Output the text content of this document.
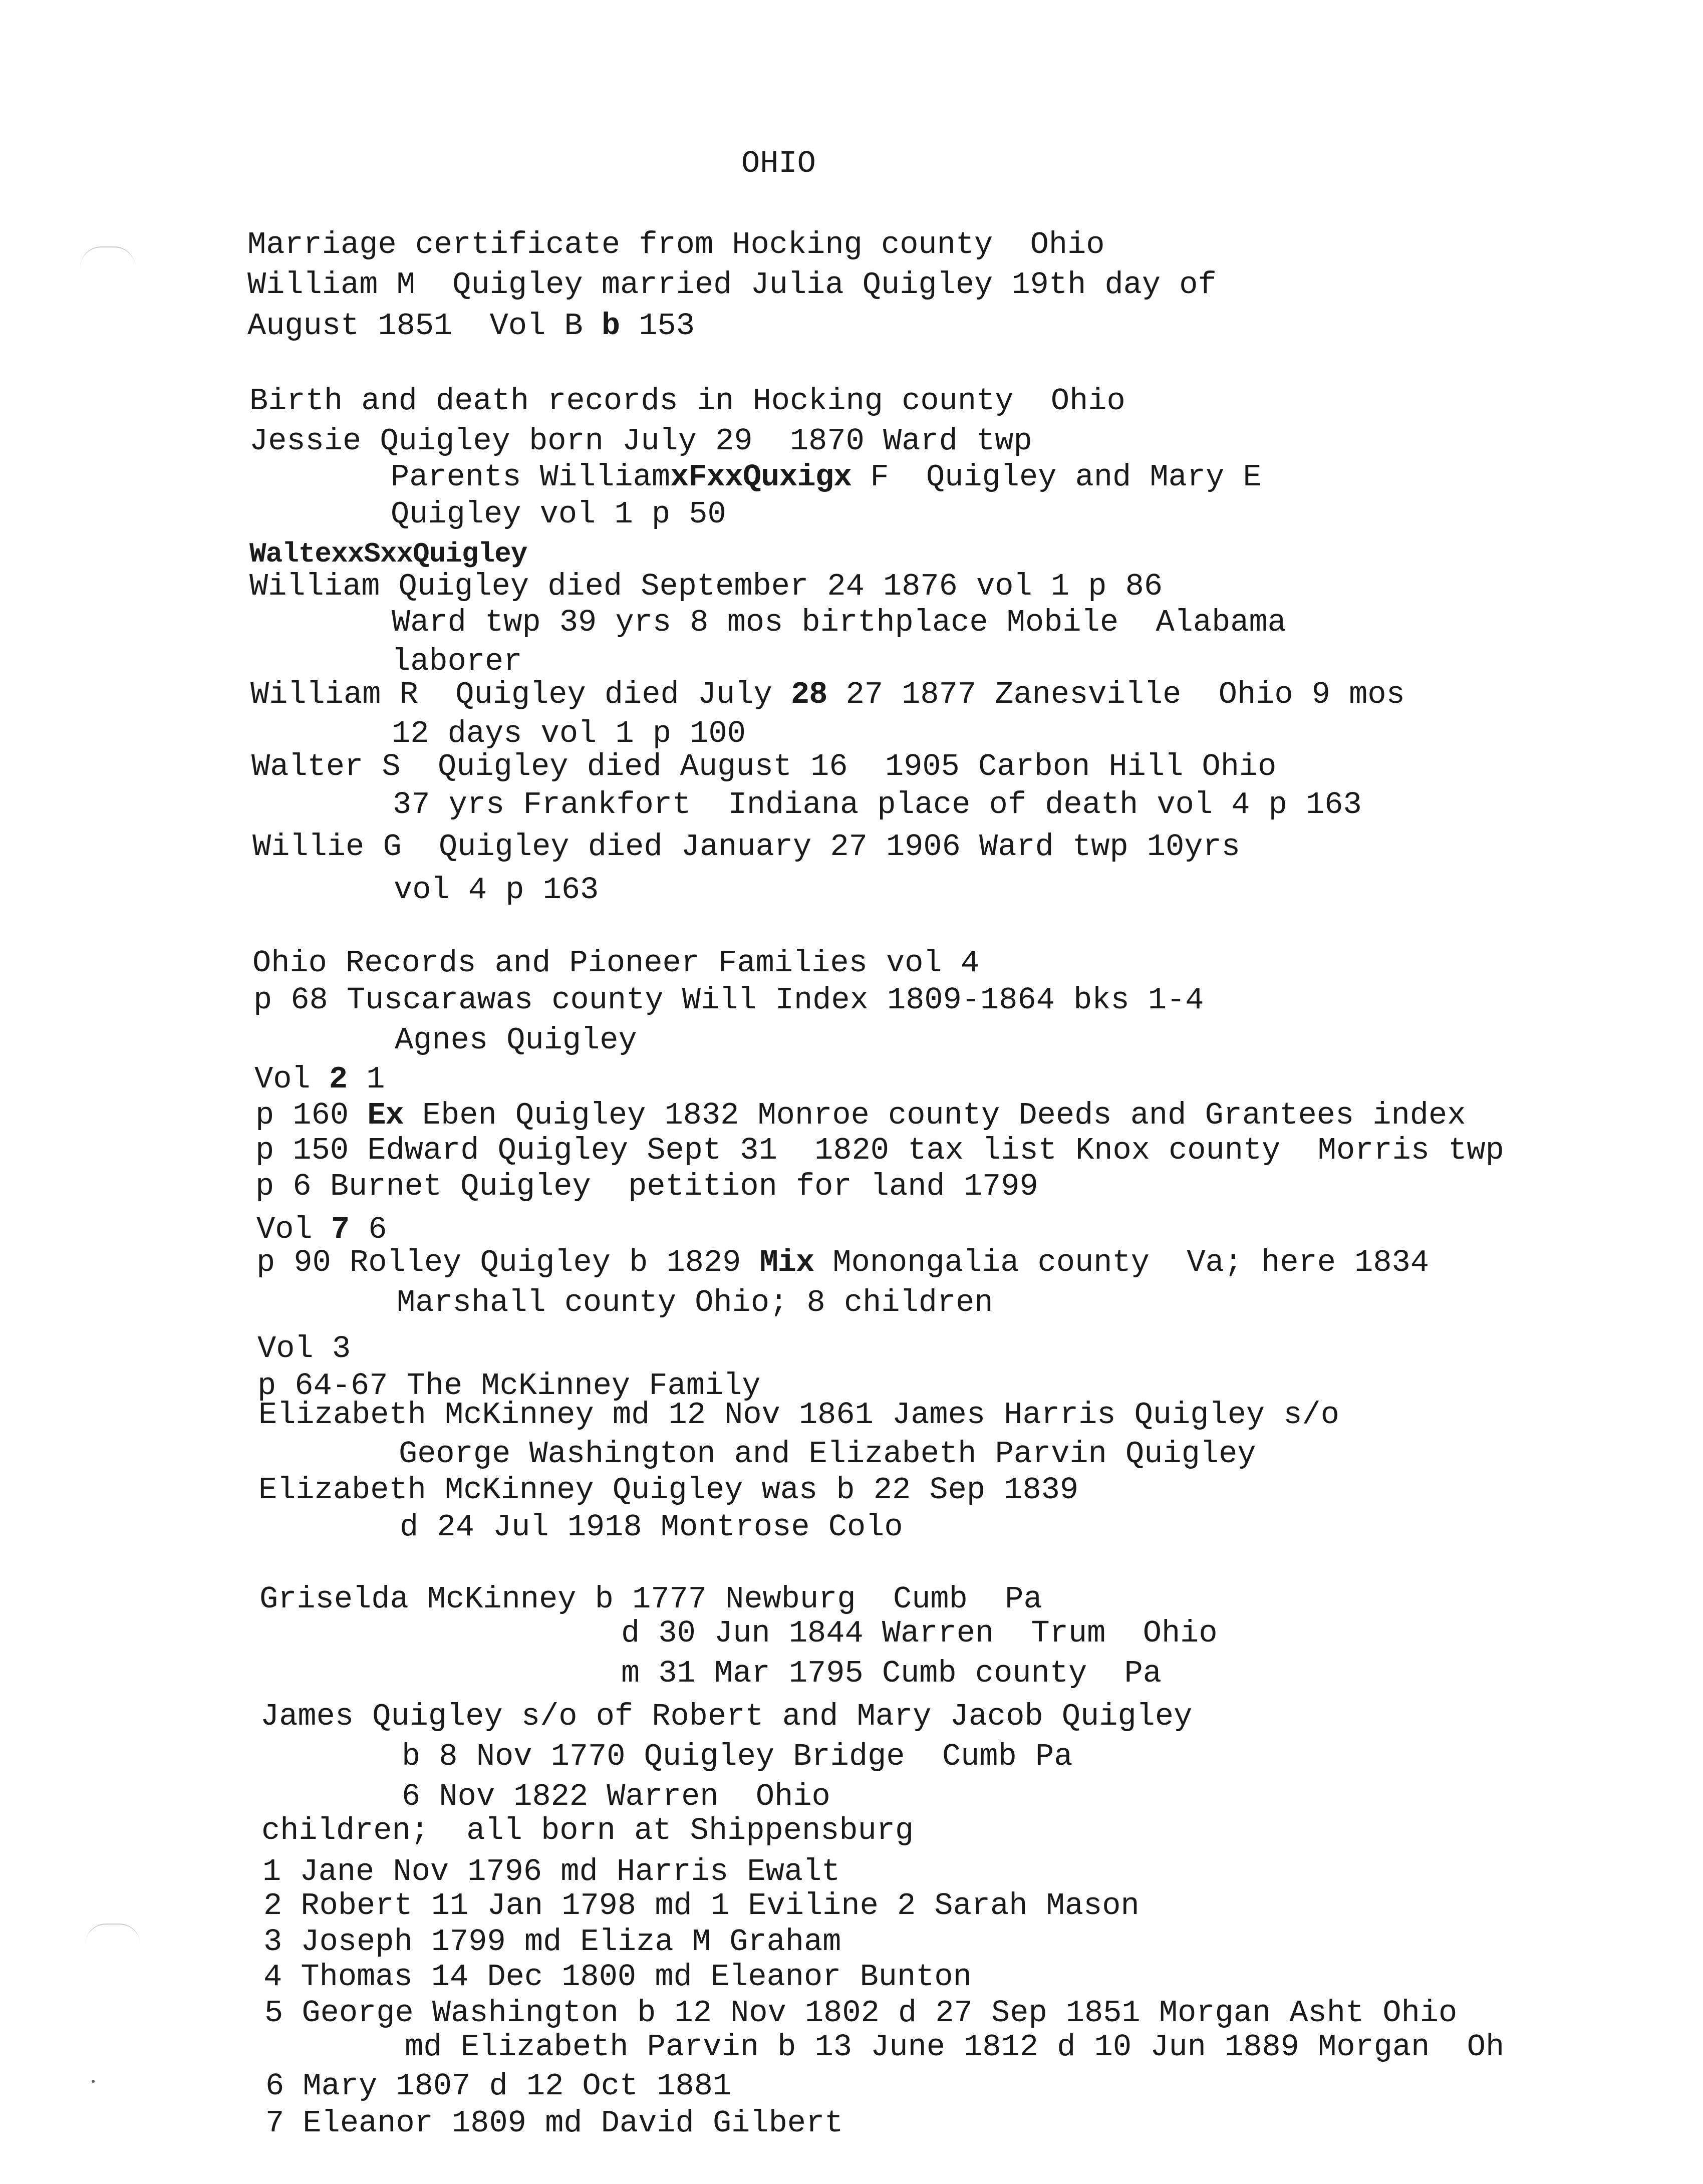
OHIO
Marriage certificate from Hocking county  Ohio
William M  Quigley married Julia Quigley 19th day of
August 1851  Vol B b 153
Birth and death records in Hocking county  Ohio
Jessie Quigley born July 29  1870 Ward twp
Parents WilliamxFxxQuxigx F  Quigley and Mary E
Quigley vol 1 p 50
WaltexxSxxQuigley
William Quigley died September 24 1876 vol 1 p 86
Ward twp 39 yrs 8 mos birthplace Mobile  Alabama
laborer
William R  Quigley died July 28 27 1877 Zanesville  Ohio 9 mos
12 days vol 1 p 100
Walter S  Quigley died August 16  1905 Carbon Hill Ohio
37 yrs Frankfort  Indiana place of death vol 4 p 163
Willie G  Quigley died January 27 1906 Ward twp 10yrs
vol 4 p 163
Ohio Records and Pioneer Families vol 4
p 68 Tuscarawas county Will Index 1809-1864 bks 1-4
Agnes Quigley
Vol 2 1
p 160 Ex Eben Quigley 1832 Monroe county Deeds and Grantees index
p 150 Edward Quigley Sept 31  1820 tax list Knox county  Morris twp
p 6 Burnet Quigley  petition for land 1799
Vol 7 6
p 90 Rolley Quigley b 1829 Mix Monongalia county  Va; here 1834
Marshall county Ohio; 8 children
Vol 3
p 64-67 The McKinney Family
Elizabeth McKinney md 12 Nov 1861 James Harris Quigley s/o
George Washington and Elizabeth Parvin Quigley
Elizabeth McKinney Quigley was b 22 Sep 1839
d 24 Jul 1918 Montrose Colo
Griselda McKinney b 1777 Newburg  Cumb  Pa
d 30 Jun 1844 Warren  Trum  Ohio
m 31 Mar 1795 Cumb county  Pa
James Quigley s/o of Robert and Mary Jacob Quigley
b 8 Nov 1770 Quigley Bridge  Cumb Pa
6 Nov 1822 Warren  Ohio
children;  all born at Shippensburg
1 Jane Nov 1796 md Harris Ewalt
2 Robert 11 Jan 1798 md 1 Eviline 2 Sarah Mason
3 Joseph 1799 md Eliza M Graham
4 Thomas 14 Dec 1800 md Eleanor Bunton
5 George Washington b 12 Nov 1802 d 27 Sep 1851 Morgan Asht Ohio
md Elizabeth Parvin b 13 June 1812 d 10 Jun 1889 Morgan  Oh
6 Mary 1807 d 12 Oct 1881
7 Eleanor 1809 md David Gilbert
